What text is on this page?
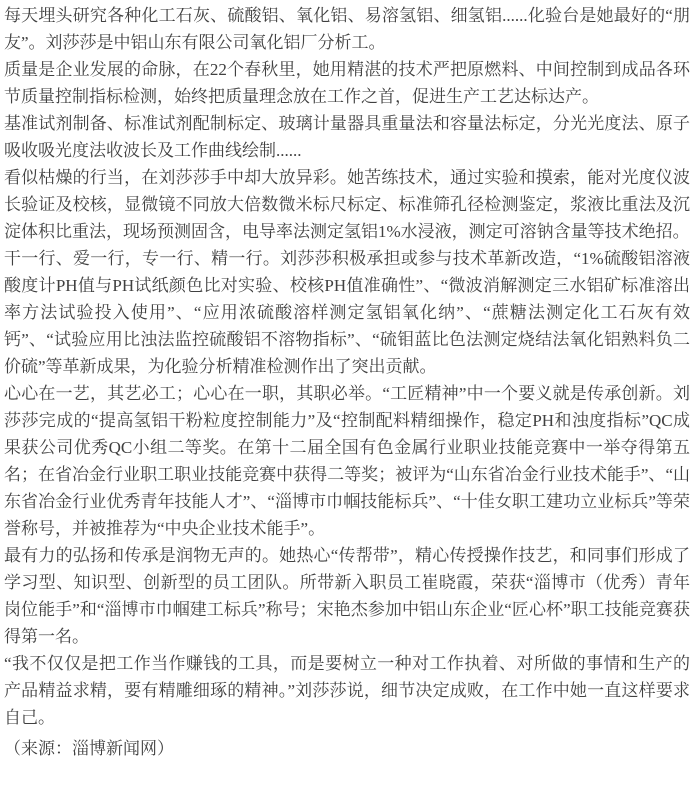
每天埋头研究各种化工石灰、硫酸铝、氧化铝、易溶氢铝、细氢铝......化验台是她最好的“朋友”。刘莎莎是中铝山东有限公司氧化铝厂分析工。

质量是企业发展的命脉，在22个春秋里，她用精湛的技术严把原燃料、中间控制到成品各环节质量控制指标检测，始终把质量理念放在工作之首，促进生产工艺达标达产。

基准试剂制备、标准试剂配制标定、玻璃计量器具重量法和容量法标定，分光光度法、原子吸收吸光度法收波长及工作曲线绘制......

看似枯燥的行当，在刘莎莎手中却大放异彩。她苦练技术，通过实验和摸索，能对光度仪波长验证及校核，显微镜不同放大倍数微米标尺标定、标准筛孔径检测鉴定，浆液比重法及沉淀体积比重法，现场预测固含，电导率法测定氢铝1%水浸液，测定可溶钠含量等技术绝招。

干一行、爱一行，专一行、精一行。刘莎莎积极承担或参与技术革新改造，“1%硫酸铝溶液酸度计PH值与PH试纸颜色比对实验、校核PH值准确性”、“微波消解测定三水铝矿标准溶出率方法试验投入使用”、“应用浓硫酸溶样测定氢铝氧化纳”、“蔗糖法测定化工石灰有效钙”、“试验应用比浊法监控硫酸铝不溶物指标”、“硫钼蓝比色法测定烧结法氧化铝熟料负二价硫”等革新成果，为化验分析精准检测作出了突出贡献。

心心在一艺，其艺必工；心心在一职，其职必举。“工匠精神”中一个要义就是传承创新。刘莎莎完成的“提高氢铝干粉粒度控制能力”及“控制配料精细操作，稳定PH和浊度指标”QC成果获公司优秀QC小组二等奖。在第十二届全国有色金属行业职业技能竞赛中一举夺得第五名；在省冶金行业职工职业技能竞赛中获得二等奖；被评为“山东省冶金行业技术能手”、“山东省冶金行业优秀青年技能人才”、“淄博市巾帼技能标兵”、“十佳女职工建功立业标兵”等荣誉称号，并被推荐为“中央企业技术能手”。

最有力的弘扬和传承是润物无声的。她热心“传帮带”，精心传授操作技艺，和同事们形成了学习型、知识型、创新型的员工团队。所带新入职员工崔晓霞，荣获“淄博市（优秀）青年岗位能手”和“淄博市巾帼建工标兵”称号；宋艳杰参加中铝山东企业“匠心杯”职工技能竞赛获得第一名。

“我不仅仅是把工作当作赚钱的工具，而是要树立一种对工作执着、对所做的事情和生产的产品精益求精，要有精雕细琢的精神。”刘莎莎说，细节决定成败，在工作中她一直这样要求自己。

（来源：淄博新闻网）
